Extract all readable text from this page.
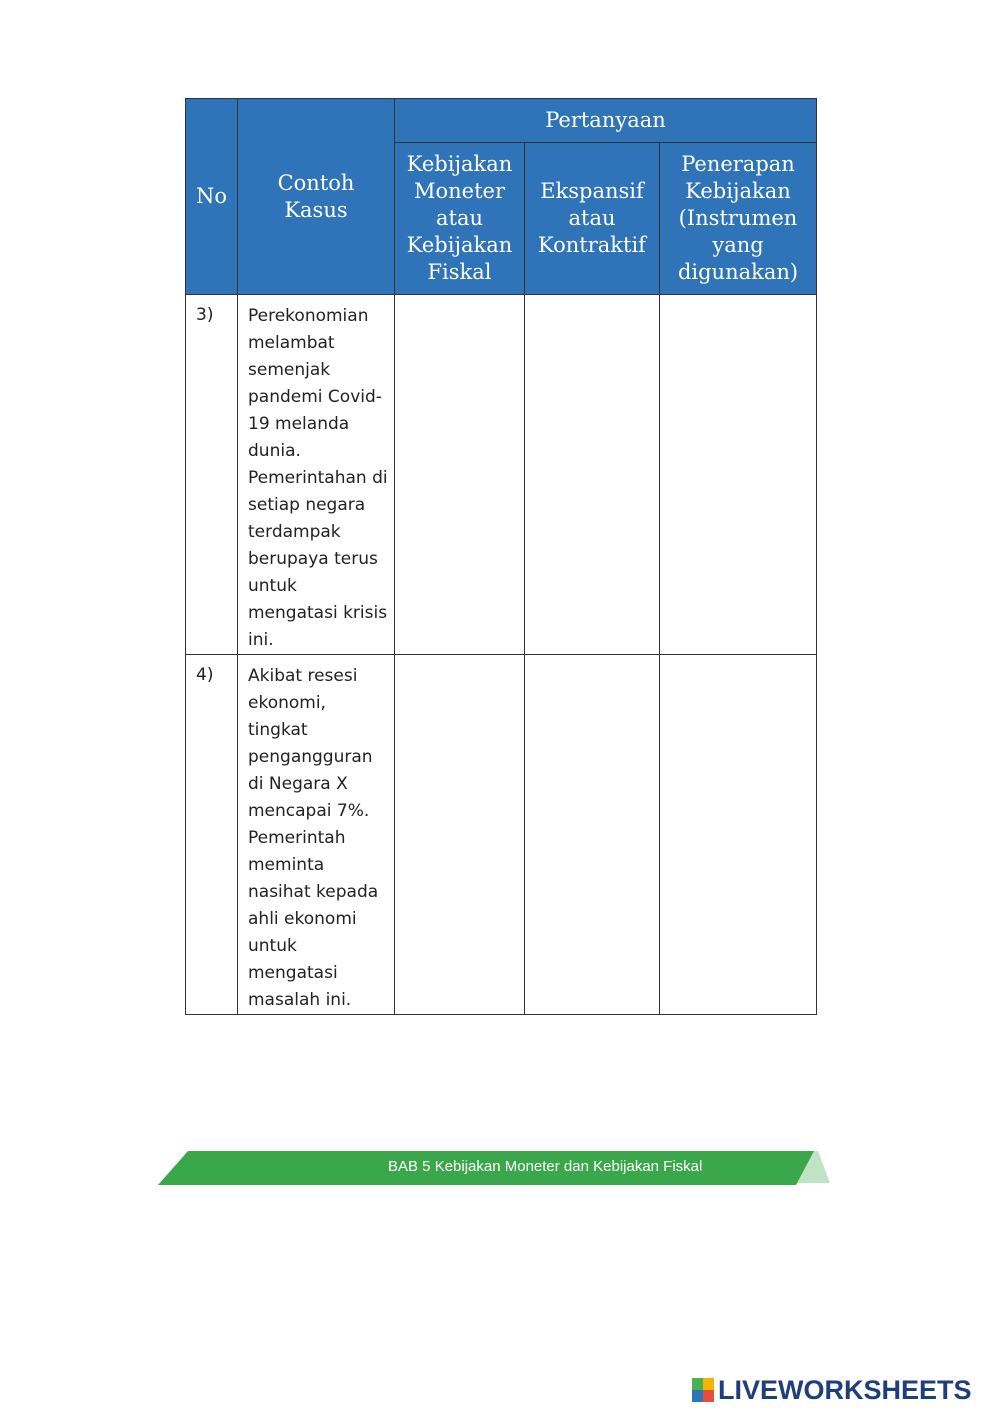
No	Contoh Kasus	Pertanyaan		
		Kebijakan Moneter atau Kebijakan Fiskal	Ekspansif atau Kontraktif	Penerapan Kebijakan (Instrumen yang digunakan)
3)	Perekonomian melambat semenjak pandemi Covid-19 melanda dunia. Pemerintahan di setiap negara terdampak berupaya terus untuk mengatasi krisis ini.			

4)	Akibat resesi ekonomi, tingkat pengangguran di Negara X mencapai 7%. Pemerintah meminta nasihat kepada ahli ekonomi untuk mengatasi masalah ini.			

BAB 5 Kebijakan Moneter dan Kebijakan Fiskal
LIVEWORKSHEETS
